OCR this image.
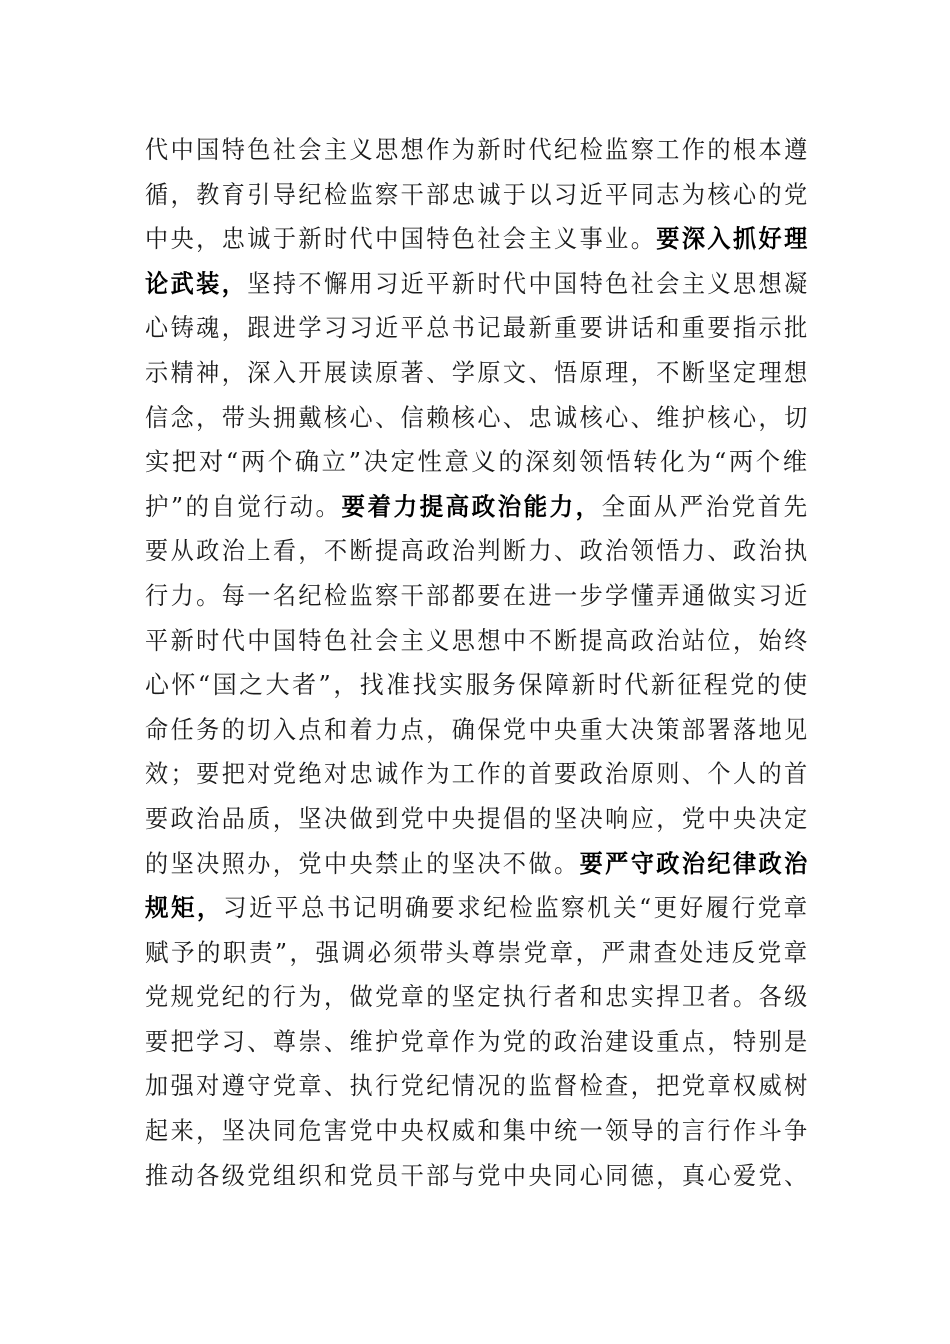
代中国特色社会主义思想作为新时代纪检监察工作的根本遵
循，教育引导纪检监察干部忠诚于以习近平同志为核心的党
中央，忠诚于新时代中国特色社会主义事业。要深入抓好理
论武装，坚持不懈用习近平新时代中国特色社会主义思想凝
心铸魂，跟进学习习近平总书记最新重要讲话和重要指示批
示精神，深入开展读原著、学原文、悟原理，不断坚定理想
信念，带头拥戴核心、信赖核心、忠诚核心、维护核心，切
实把对“两个确立”决定性意义的深刻领悟转化为“两个维
护”的自觉行动。要着力提高政治能力，全面从严治党首先
要从政治上看，不断提高政治判断力、政治领悟力、政治执
行力。每一名纪检监察干部都要在进一步学懂弄通做实习近
平新时代中国特色社会主义思想中不断提高政治站位，始终
心怀“国之大者”，找准找实服务保障新时代新征程党的使
命任务的切入点和着力点，确保党中央重大决策部署落地见
效；要把对党绝对忠诚作为工作的首要政治原则、个人的首
要政治品质，坚决做到党中央提倡的坚决响应，党中央决定
的坚决照办，党中央禁止的坚决不做。要严守政治纪律政治
规矩，习近平总书记明确要求纪检监察机关“更好履行党章
赋予的职责”，强调必须带头尊崇党章，严肃查处违反党章
党规党纪的行为，做党章的坚定执行者和忠实捍卫者。各级
要把学习、尊崇、维护党章作为党的政治建设重点，特别是
加强对遵守党章、执行党纪情况的监督检查，把党章权威树
起来，坚决同危害党中央权威和集中统一领导的言行作斗争
推动各级党组织和党员干部与党中央同心同德，真心爱党、
